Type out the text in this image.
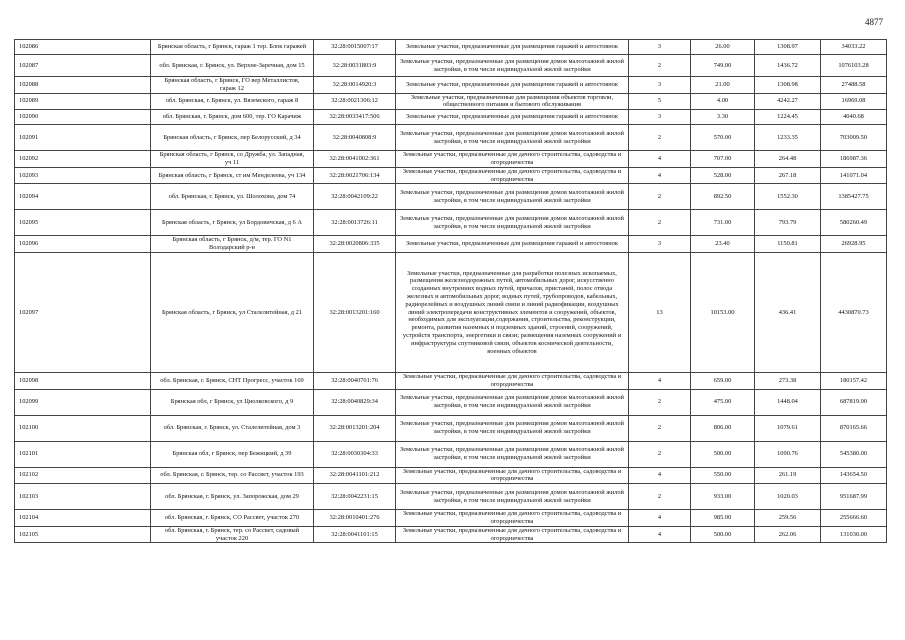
4877
102086	Брянская область, г Брянск, гараж 1 тер. Блок гаражей	32:28:0015007:17	Земельные участки, предназначенные для размещения гаражей и автостоянок	3	26.00	1308.97	34033.22
102087	обл. Брянская, г. Брянск, ул. Верхне-Заречная, дом 15	32:28:0031803:9	Земельные участки, предназначенные для размещения домов малоэтажной жилой застройки, в том числе индивидуальной жилой застройки	2	749.00	1436.72	1076103.28
102088	Брянская область, г Брянск, ГО вер Металлистов, гараж 12	32:28:0014920:3	Земельные участки, предназначенные для размещения гаражей и автостоянок	3	21.00	1308.98	27488.58
102089	обл. Брянская, г. Брянск, ул. Вяземского, гараж 8	32:28:0021306:12	Земельные участки, предназначенные для размещения объектов торговли, общественного питания и бытового обслуживания	5	4.00	4242.27	16969.08
102090	обл. Брянская, г. Брянск, дом 600, тер. ГО Карачиж	32:28:0033417:506	Земельные участки, предназначенные для размещения гаражей и автостоянок	3	3.30	1224.45	4040.68
102091	Брянская область, г Брянск, пер Белорусский, д 34	32:28:0040808:9	Земельные участки, предназначенные для размещения домов малоэтажной жилой застройки, в том числе индивидуальной жилой застройки	2	570.00	1233.35	703009.50
102092	Брянская область, г Брянск, со Дружба, ул. Западная, уч 11	32:28:0041002:361	Земельные участки, предназначенные для дачного строительства, садоводства и огородничества	4	707.00	264.48	186987.36
102093	Брянская область, г Брянск, ст им Менделеева, уч 134	32:28:0021706:134	Земельные участки, предназначенные для дачного строительства, садоводства и огородничества	4	528.00	267.18	141071.04
102094	обл. Брянская, г. Брянск, ул. Шолохова, дом 74	32:28:0042109:22	Земельные участки, предназначенные для размещения домов малоэтажной жилой застройки, в том числе индивидуальной жилой застройки	2	892.50	1552.30	1385427.75
102095	Брянская область, г Брянск, ул Бордовичская, д 6 А	32:28:0013726:11	Земельные участки, предназначенные для размещения домов малоэтажной жилой застройки, в том числе индивидуальной жилой застройки	2	731.00	793.79	580260.49
102096	Брянская область, г Брянск, д/м, тер. ГО N1 Володарский р-н	32:28:0020806:335	Земельные участки, предназначенные для размещения гаражей и автостоянок	3	23.40	1150.81	26928.95
102097	Брянская область, г Брянск, ул Сталелитейная, д 21	32:28:0013201:160	Земельные участки, предназначенные для разработки полезных ископаемых, размещения железнодорожных путей, автомобильных дорог, искусственно созданных внутренних водных путей, причалов, пристаней, полос отвода железных и автомобильных дорог, водных путей, трубопроводов, кабельных, радиорелейных и воздушных линий связи и линий радиофикации, воздушных линий электропередачи конструктивных элементов и сооружений, объектов, необходимых для эксплуатации,содержания, строительства, реконструкции, ремонта, развития наземных и подземных зданий, строений, сооружений, устройств транспорта, энергетики и связи; размещения наземных сооружений и инфраструктуры спутниковой связи, объектов космической деятельности, военных объектов	13	10153.00	436.41	4430870.73
102098	обл. Брянская, г. Брянск, СНТ Прогресс, участок 169	32:28:0040701:76	Земельные участки, предназначенные для дачного строительства, садоводства и огородничества	4	659.00	273.38	180157.42
102099	Брянская обл, г Брянск, ул Циолковского, д 9	32:28:0040829:34	Земельные участки, предназначенные для размещения домов малоэтажной жилой застройки, в том числе индивидуальной жилой застройки	2	475.00	1448.04	687819.00
102100	обл. Брянская, г. Брянск, ул. Сталелитейная, дом 3	32:28:0013201:204	Земельные участки, предназначенные для размещения домов малоэтажной жилой застройки, в том числе индивидуальной жилой застройки	2	806.00	1079.61	870165.66
102101	Брянская обл, г Брянск, пер Бежицкий, д 39	32:28:0030304:33	Земельные участки, предназначенные для размещения домов малоэтажной жилой застройки, в том числе индивидуальной жилой застройки	2	500.00	1090.76	545380.00
102102	обл. Брянская, г. Брянск, тер. со Рассвет, участок 193	32:28:0041101:212	Земельные участки, предназначенные для дачного строительства, садоводства и огородничества	4	550.00	261.19	143654.50
102103	обл. Брянская, г. Брянск, ул. Запорожская, дом 29	32:28:0042231:15	Земельные участки, предназначенные для размещения домов малоэтажной жилой застройки, в том числе индивидуальной жилой застройки	2	933.00	1020.03	951687.99
102104	обл. Брянская, г. Брянск, СО Рассвет, участок 270	32:28:0010401:276	Земельные участки, предназначенные для дачного строительства, садоводства и огородничества	4	985.00	259.56	255666.60
102105	обл. Брянская, г. Брянск, тер. со Рассвет, садовый участок 220	32:28:0041101:15	Земельные участки, предназначенные для дачного строительства, садоводства и огородничества	4	500.00	262.06	131030.00
